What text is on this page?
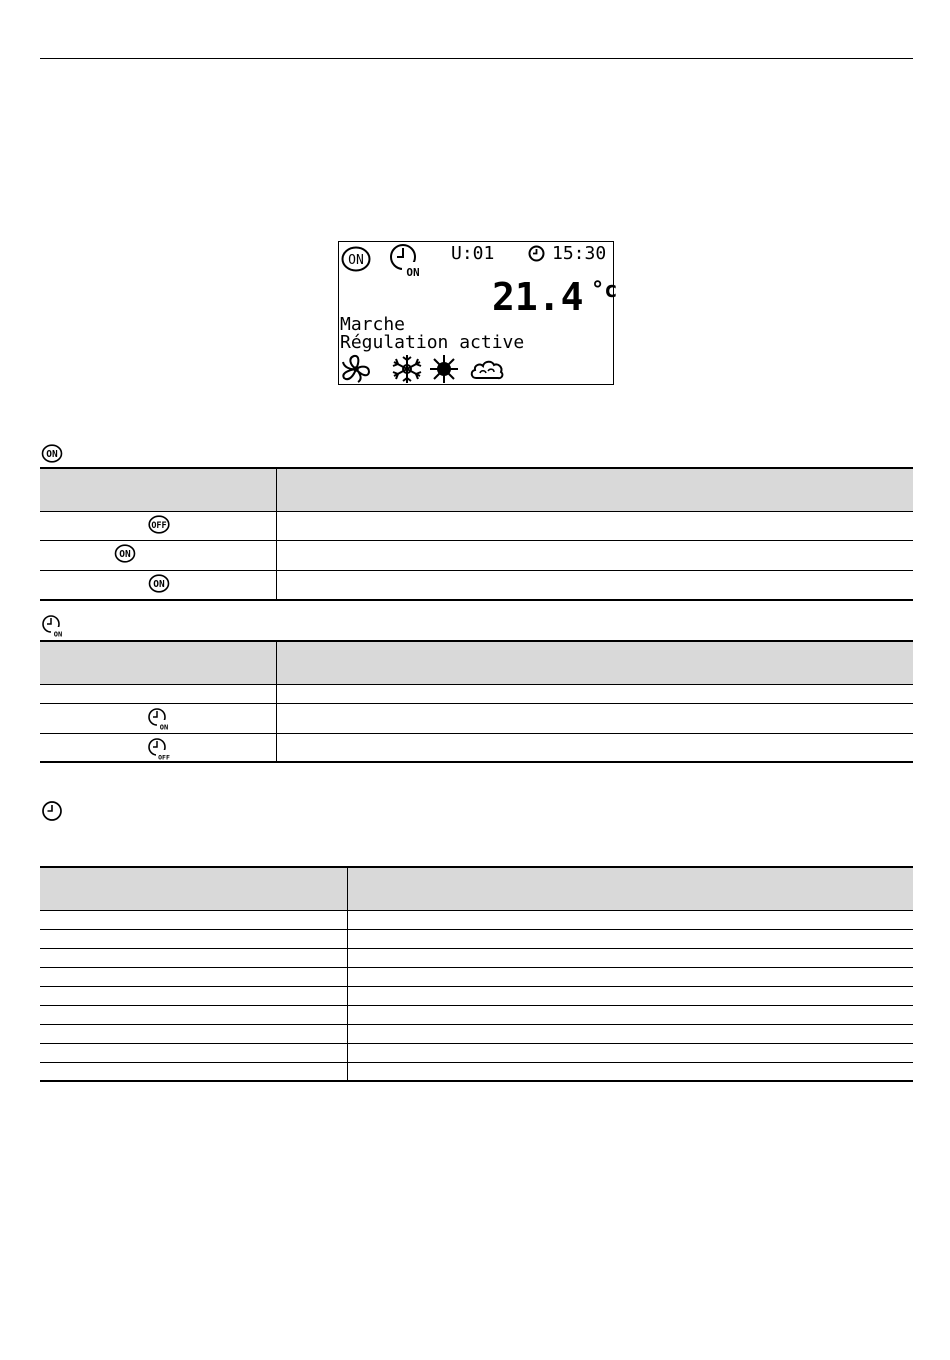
ON
ON
U:01	15:30
21.4 °c
Marche
Régulation active
ON

OFF	

ON	

ON	

ON

ON	

OFF	
